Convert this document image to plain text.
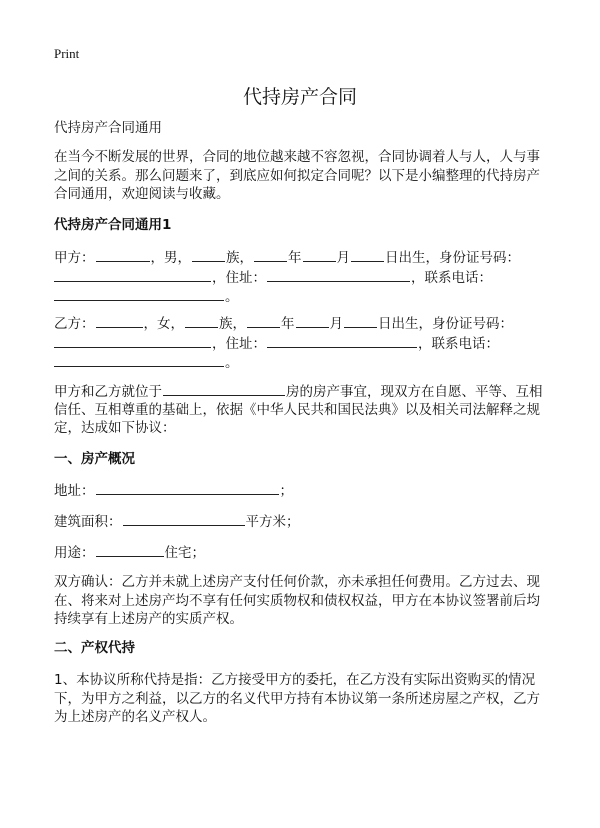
Print
代持房产合同
代持房产合同通用
在当今不断发展的世界，合同的地位越来越不容忽视，合同协调着人与人，人与事
之间的关系。那么问题来了，到底应如何拟定合同呢？以下是小编整理的代持房产
合同通用，欢迎阅读与收藏。
代持房产合同通用1
甲方：	，男，	族，	年	月	日出生，身份证号码：
，住址：	，联系电话：
。
乙方：	，女，	族，	年	月	日出生，身份证号码：
，住址：	，联系电话：
。
甲方和乙方就位于	房的房产事宜，现双方在自愿、平等、互相
信任、互相尊重的基础上，依据《中华人民共和国民法典》以及相关司法解释之规
定，达成如下协议：
一、房产概况
地址：	；
建筑面积：	平方米；
用途：	住宅；
双方确认：乙方并未就上述房产支付任何价款，亦未承担任何费用。乙方过去、现
在、将来对上述房产均不享有任何实质物权和债权权益，甲方在本协议签署前后均
持续享有上述房产的实质产权。
二、产权代持
1、本协议所称代持是指：乙方接受甲方的委托，在乙方没有实际出资购买的情况
下，为甲方之利益，以乙方的名义代甲方持有本协议第一条所述房屋之产权，乙方
为上述房产的名义产权人。
